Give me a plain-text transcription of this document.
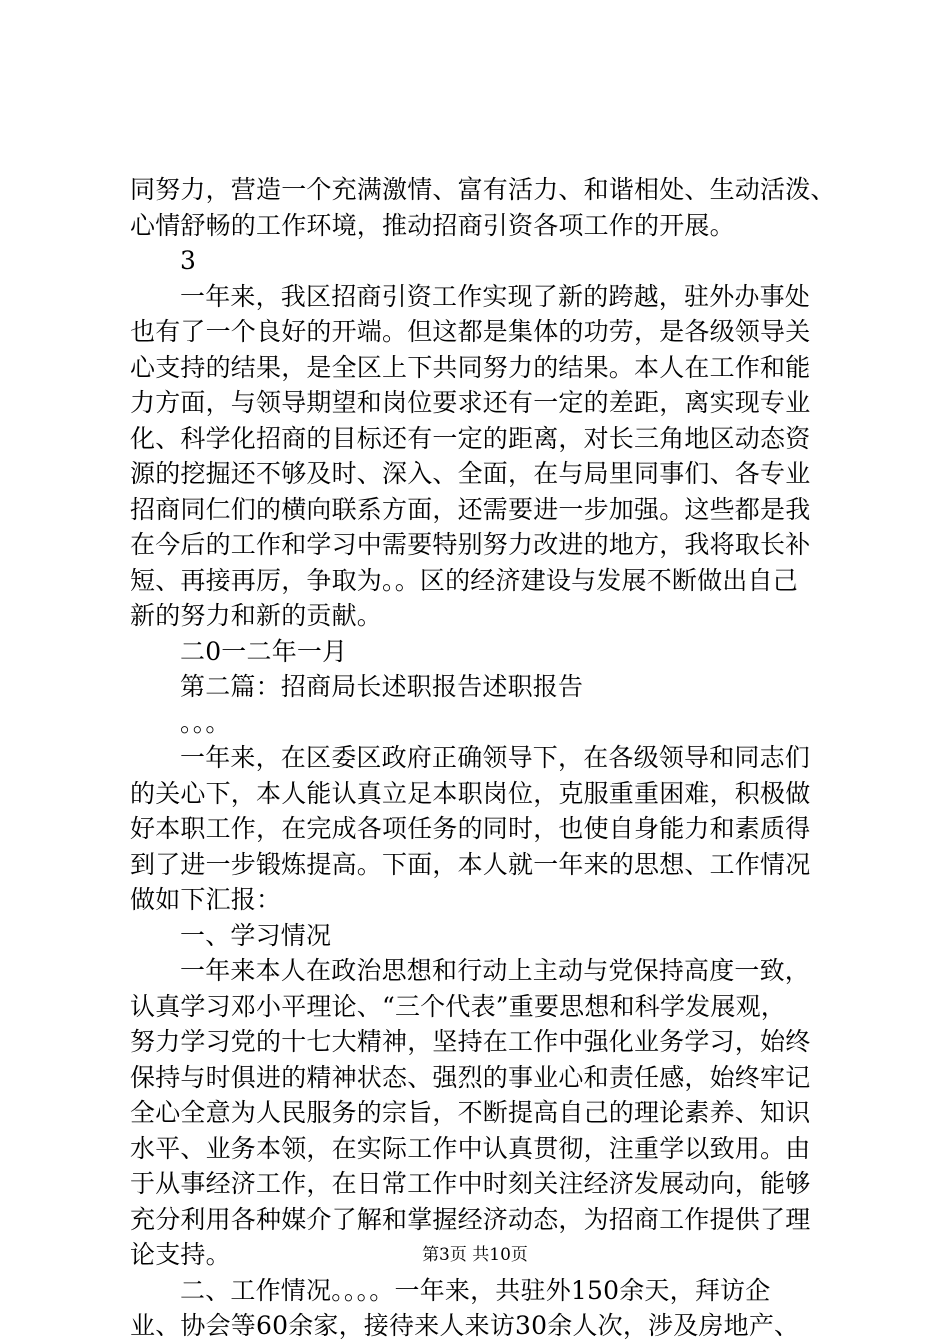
同努力，营造一个充满激情、富有活力、和谐相处、生动活泼、
心情舒畅的工作环境，推动招商引资各项工作的开展。
3
一年来，我区招商引资工作实现了新的跨越，驻外办事处
也有了一个良好的开端。但这都是集体的功劳，是各级领导关
心支持的结果，是全区上下共同努力的结果。本人在工作和能
力方面，与领导期望和岗位要求还有一定的差距，离实现专业
化、科学化招商的目标还有一定的距离，对长三角地区动态资
源的挖掘还不够及时、深入、全面，在与局里同事们、各专业
招商同仁们的横向联系方面，还需要进一步加强。这些都是我
在今后的工作和学习中需要特别努力改进的地方，我将取长补
短、再接再厉，争取为。。区的经济建设与发展不断做出自己
新的努力和新的贡献。
二0一二年一月
第二篇：招商局长述职报告述职报告
。。。
一年来，在区委区政府正确领导下，在各级领导和同志们
的关心下，本人能认真立足本职岗位，克服重重困难，积极做
好本职工作，在完成各项任务的同时，也使自身能力和素质得
到了进一步锻炼提高。下面，本人就一年来的思想、工作情况
做如下汇报：
一、学习情况
一年来本人在政治思想和行动上主动与党保持高度一致，
认真学习邓小平理论、“三个代表”重要思想和科学发展观，
努力学习党的十七大精神，坚持在工作中强化业务学习，始终
保持与时俱进的精神状态、强烈的事业心和责任感，始终牢记
全心全意为人民服务的宗旨，不断提高自己的理论素养、知识
水平、业务本领，在实际工作中认真贯彻，注重学以致用。由
于从事经济工作，在日常工作中时刻关注经济发展动向，能够
充分利用各种媒介了解和掌握经济动态，为招商工作提供了理
论支持。
二、工作情况。。。。一年来，共驻外150余天，拜访企
业、协会等60余家，接待来人来访30余人次，涉及房地产、
第3页 共10页
